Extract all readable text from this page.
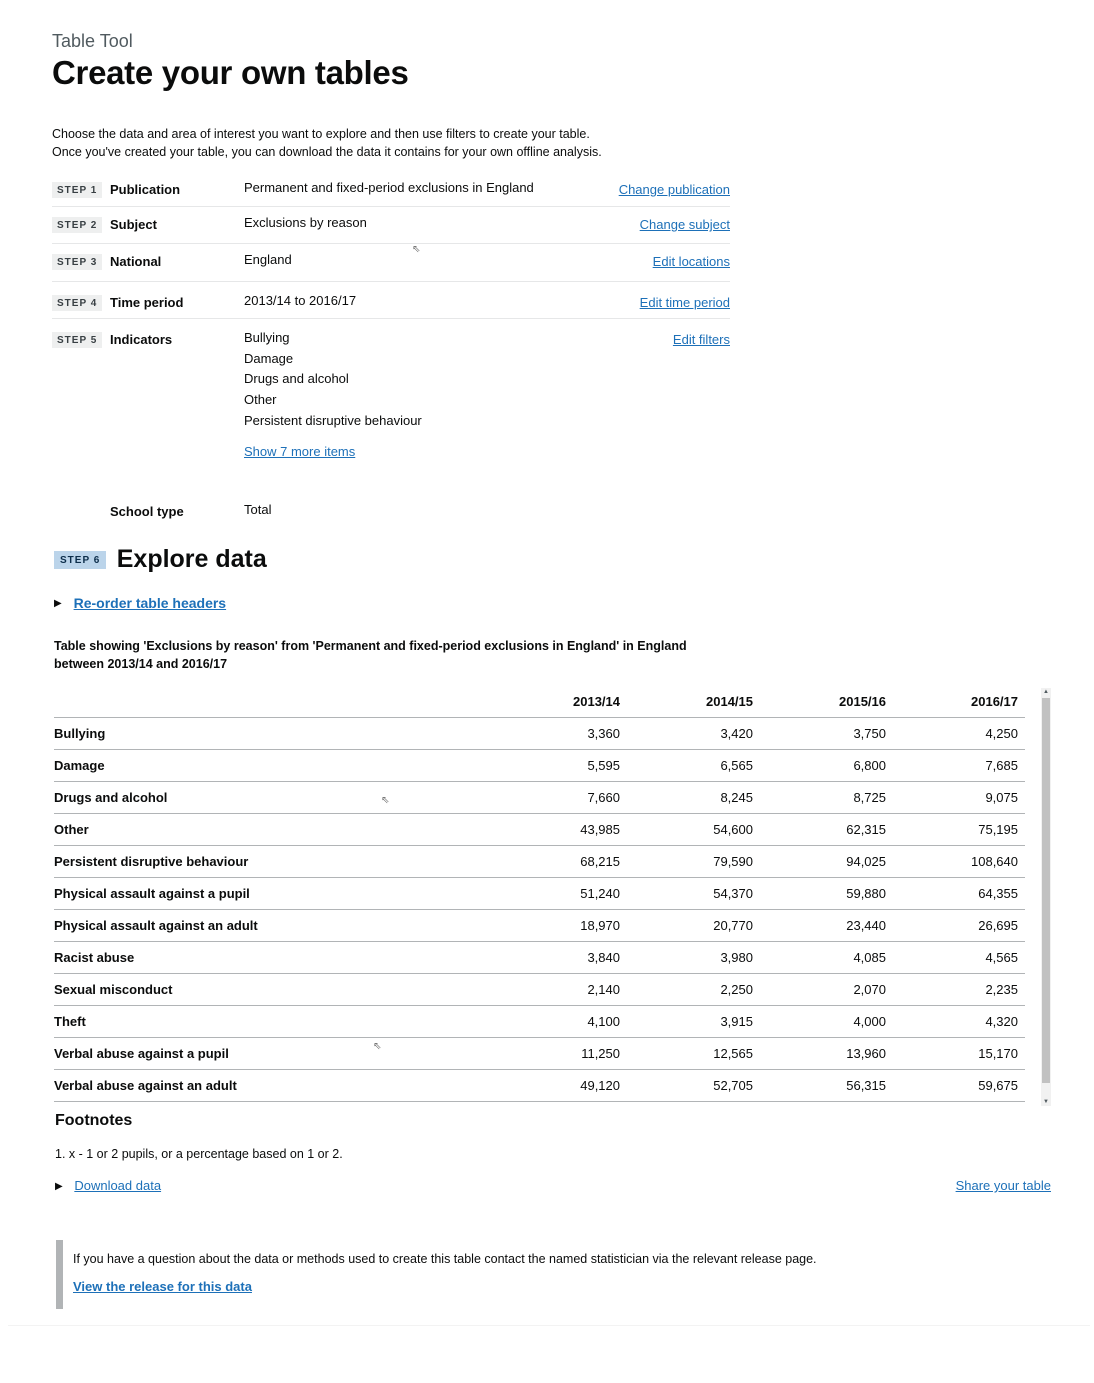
Table Tool
Create your own tables
Choose the data and area of interest you want to explore and then use filters to create your table.
Once you've created your table, you can download the data it contains for your own offline analysis.
STEP 1 Publication	Permanent and fixed-period exclusions in England	Change publication
STEP 2 Subject	Exclusions by reason	Change subject
STEP 3 National	England	Edit locations
STEP 4 Time period	2013/14 to 2016/17	Edit time period
STEP 5 Indicators	Bullying
Damage
Drugs and alcohol
Other
Persistent disruptive behaviour
Show 7 more items
Edit filters
School type	Total
STEP 6 Explore data
▶ Re-order table headers
Table showing 'Exclusions by reason' from 'Permanent and fixed-period exclusions in England' in England
between 2013/14 and 2016/17
	2013/14	2014/15	2015/16	2016/17
Bullying	3,360	3,420	3,750	4,250
Damage	5,595	6,565	6,800	7,685
Drugs and alcohol	7,660	8,245	8,725	9,075
Other	43,985	54,600	62,315	75,195
Persistent disruptive behaviour	68,215	79,590	94,025	108,640
Physical assault against a pupil	51,240	54,370	59,880	64,355
Physical assault against an adult	18,970	20,770	23,440	26,695
Racist abuse	3,840	3,980	4,085	4,565
Sexual misconduct	2,140	2,250	2,070	2,235
Theft	4,100	3,915	4,000	4,320
Verbal abuse against a pupil	11,250	12,565	13,960	15,170
Verbal abuse against an adult	49,120	52,705	56,315	59,675
▲
▼
Footnotes
1. x - 1 or 2 pupils, or a percentage based on 1 or 2.
▶ Download data	Share your table
If you have a question about the data or methods used to create this table contact the named statistician via the relevant release page.
View the release for this data
⇖
⇖
⇖
